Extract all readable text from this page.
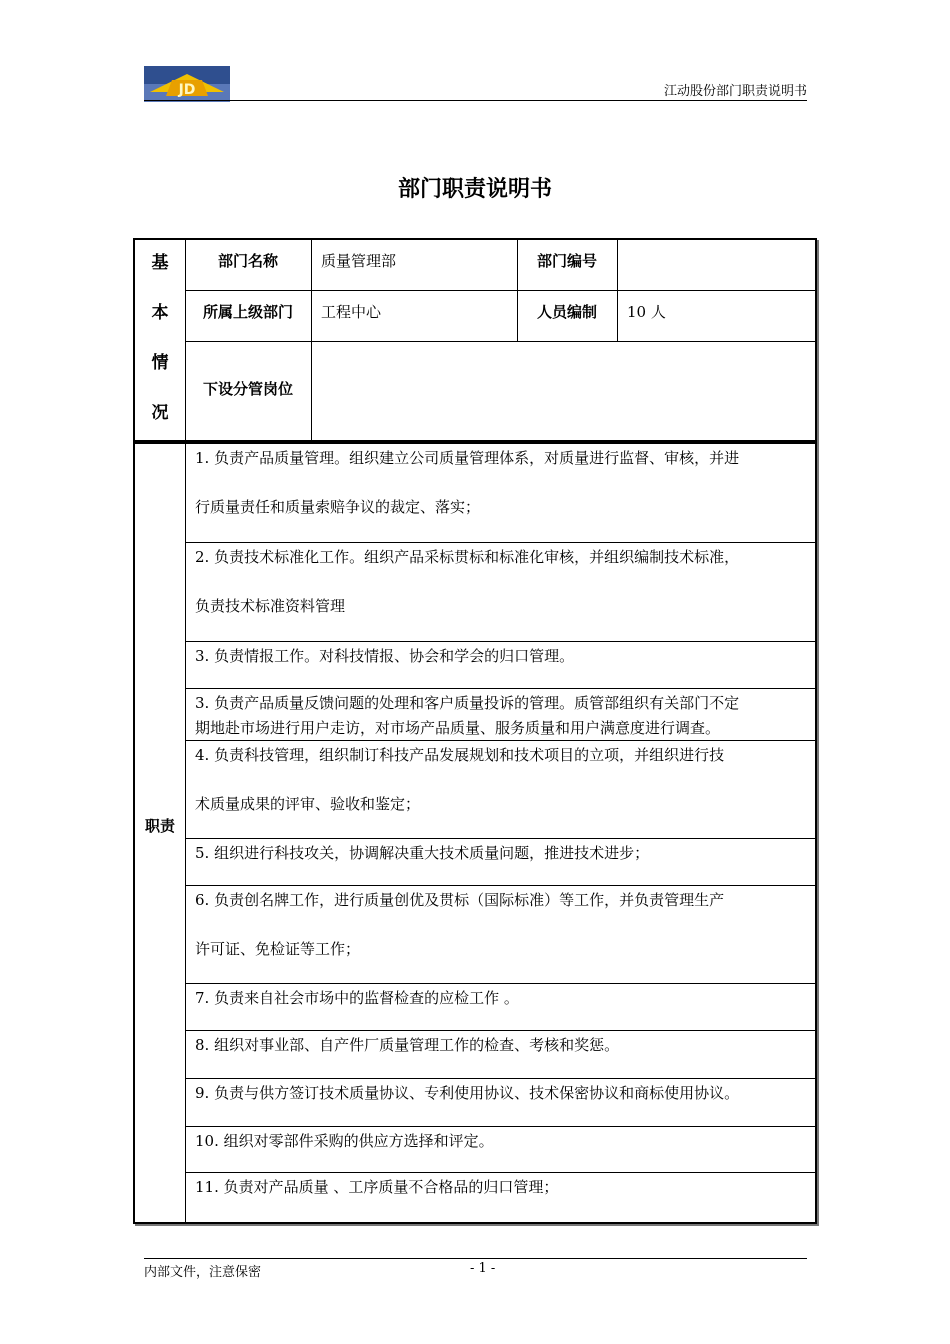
JD	江动股份部门职责说明书
部门职责说明书
基
本
情
况
部门名称	质量管理部	部门编号
所属上级部门	工程中心	人员编制	10 人
下设分管岗位
职责
1. 负责产品质量管理。组织建立公司质量管理体系，对质量进行监督、审核，并进
行质量责任和质量索赔争议的裁定、落实；
2. 负责技术标准化工作。组织产品采标贯标和标准化审核，并组织编制技术标准，
负责技术标准资料管理
3. 负责情报工作。对科技情报、协会和学会的归口管理。
3. 负责产品质量反馈问题的处理和客户质量投诉的管理。质管部组织有关部门不定
期地赴市场进行用户走访，对市场产品质量、服务质量和用户满意度进行调查。
4. 负责科技管理，组织制订科技产品发展规划和技术项目的立项，并组织进行技
术质量成果的评审、验收和鉴定；
5. 组织进行科技攻关，协调解决重大技术质量问题，推进技术进步；
6. 负责创名牌工作，进行质量创优及贯标（国际标准）等工作，并负责管理生产
许可证、免检证等工作；
7. 负责来自社会市场中的监督检查的应检工作 。
8. 组织对事业部、自产件厂质量管理工作的检查、考核和奖惩。
9. 负责与供方签订技术质量协议、专利使用协议、技术保密协议和商标使用协议。
10. 组织对零部件采购的供应方选择和评定。
11. 负责对产品质量 、工序质量不合格品的归口管理；
内部文件，注意保密	- 1 -
